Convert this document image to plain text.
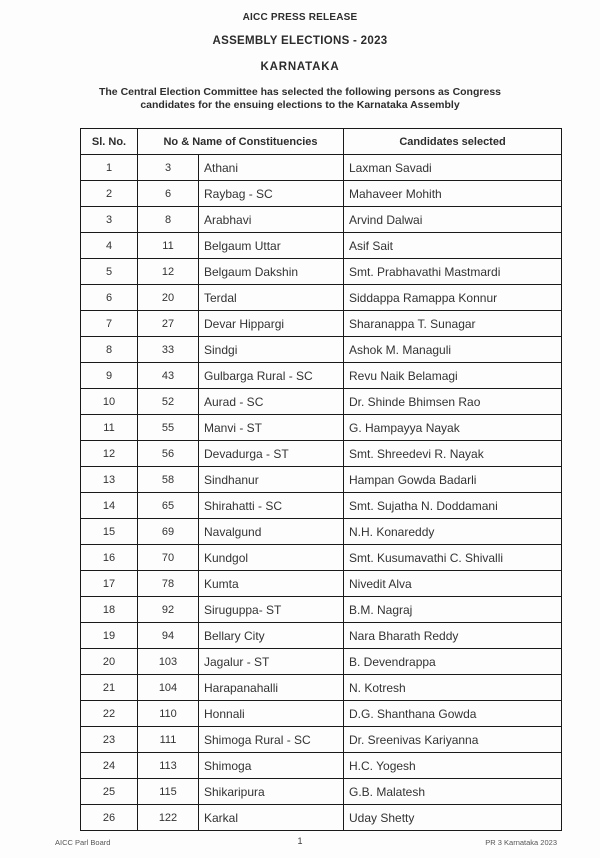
AICC PRESS RELEASE
ASSEMBLY ELECTIONS - 2023
KARNATAKA
The Central Election Committee has selected the following persons as Congress
candidates for the ensuing elections to the Karnataka Assembly
Sl. No.	No & Name of Constituencies		Candidates selected
1	3	Athani	Laxman Savadi
2	6	Raybag - SC	Mahaveer Mohith
3	8	Arabhavi	Arvind Dalwai
4	11	Belgaum Uttar	Asif Sait
5	12	Belgaum Dakshin	Smt. Prabhavathi Mastmardi
6	20	Terdal	Siddappa Ramappa Konnur
7	27	Devar Hippargi	Sharanappa T. Sunagar
8	33	Sindgi	Ashok M. Managuli
9	43	Gulbarga Rural - SC	Revu Naik Belamagi
10	52	Aurad - SC	Dr. Shinde Bhimsen Rao
11	55	Manvi - ST	G. Hampayya Nayak
12	56	Devadurga - ST	Smt. Shreedevi R. Nayak
13	58	Sindhanur	Hampan Gowda Badarli
14	65	Shirahatti - SC	Smt. Sujatha N. Doddamani
15	69	Navalgund	N.H. Konareddy
16	70	Kundgol	Smt. Kusumavathi C. Shivalli
17	78	Kumta	Nivedit Alva
18	92	Siruguppa- ST	B.M. Nagraj
19	94	Bellary City	Nara Bharath Reddy
20	103	Jagalur - ST	B. Devendrappa
21	104	Harapanahalli	N. Kotresh
22	110	Honnali	D.G. Shanthana Gowda
23	111	Shimoga Rural - SC	Dr. Sreenivas Kariyanna
24	113	Shimoga	H.C. Yogesh
25	115	Shikaripura	G.B. Malatesh
26	122	Karkal	Uday Shetty
AICC Parl Board	1	PR 3 Karnataka 2023
